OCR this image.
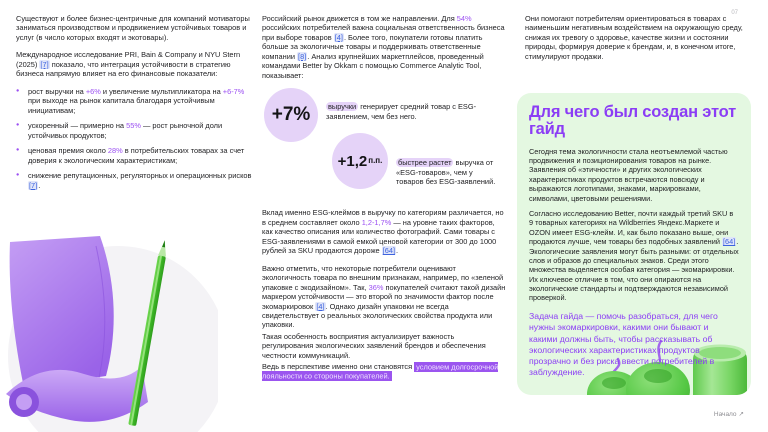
07

Существуют и более бизнес-центричные для компаний мотиваторы заниматься производством и продвижением устойчивых товаров и услуг (в число которых входят и экотовары).

Международное исследование PRI, Bain & Company и NYU Stern (2025) [7] показало, что интеграция устойчивости в стратегию бизнеса напрямую влияет на его финансовые показатели:

● рост выручки на +6% и увеличение мультипликатора на +6-7% при выходе на рынок капитала благодаря устойчивым инициативам;
● ускоренный — примерно на 55% — рост рыночной доли устойчивых продуктов;
● ценовая премия около 28% в потребительских товарах за счет доверия к экологическим характеристикам;
● снижение репутационных, регуляторных и операционных рисков [7].

Российский рынок движется в том же направлении. Для 54% российских потребителей важна социальная ответственность бизнеса при выборе товаров [4]. Более того, покупатели готовы платить больше за экологичные товары и поддерживать ответственные компании [8]. Анализ крупнейших маркетплейсов, проведенный командами Better by Okkam с помощью Commerce Analytic Tool, показывает:

+7% выручки генерирует средний товар с ESG-заявлением, чем без него.
+1,2 п.п. быстрее растет выручка от «ESG-товаров», чем у товаров без ESG-заявлений.

Вклад именно ESG-клеймов в выручку по категориям различается, но в среднем составляет около 1,2-1,7% — на уровне таких факторов, как качество описания или количество фотографий. Сами товары с ESG-заявлениями в самой емкой ценовой категории от 300 до 1000 рублей за SKU продаются дороже [64].

Важно отметить, что некоторые потребители оценивают экологичность товара по внешним признакам, например, по «зеленой упаковке с экодизайном». Так, 36% покупателей считают такой дизайн маркером устойчивости — это второй по значимости фактор после экомаркировок [4]. Однако дизайн упаковки не всегда свидетельствует о реальных экологических свойства продукта или упаковки.

Такая особенность восприятия актуализирует важность регулирования экологических заявлений брендов и обеспечения честности коммуникаций.

Ведь в перспективе именно они становятся условием долгосрочной лояльности со стороны покупателей.

Они помогают потребителям ориентироваться в товарах с наименьшим негативным воздействием на окружающую среду, снижая их тревогу о здоровье, качестве жизни и состоянии природы, формируя доверие к брендам, и, в конечном итоге, стимулируют продажи.

Для чего был создан этот гайд

Сегодня тема экологичности стала неотъемлемой частью продвижения и позиционирования товаров на рынке. Заявления об «этичности» и других экологических характеристиках продуктов встречаются повсюду и выражаются логотипами, знаками, маркировками, символами, цветовыми решениями.

Согласно исследованию Better, почти каждый третий SKU в 9 товарных категориях на Wildberries Яндекс.Маркете и OZON имеет ESG-клейм. И, как было показано выше, они продаются лучше, чем товары без подобных заявлений [64]. Экологические заявления могут быть разными: от отдельных слов и образов до специальных знаков. Среди этого множества выделяется особая категория — экомаркировки. Их ключевое отличие в том, что они опираются на экологические стандарты и подтверждаются независимой проверкой.

Задача гайда — помочь разобраться, для чего нужны экомаркировки, какими они бывают и какими должны быть, чтобы рассказывать об экологических характеристиках продуктов прозрачно и без риска ввести потребителей в заблуждение.

Начало ↗
